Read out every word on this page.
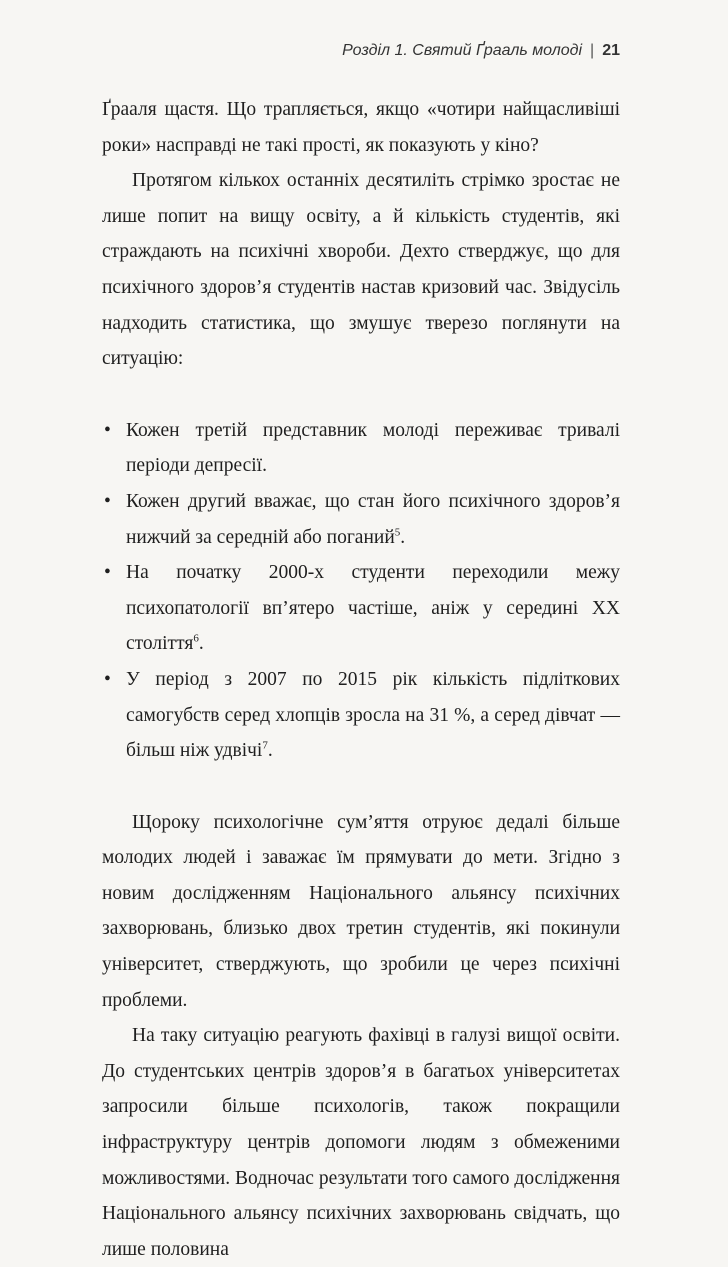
Розділ 1. Святий Ґрааль молоді | 21

Ґрааля щастя. Що трапляється, якщо «чотири найщасливіші роки» насправді не такі прості, як показують у кіно?

Протягом кількох останніх десятиліть стрімко зростає не лише попит на вищу освіту, а й кількість студентів, які страждають на психічні хвороби. Дехто стверджує, що для психічного здоров’я студентів настав кризовий час. Звідусіль надходить статистика, що змушує тверезо поглянути на ситуацію:

• Кожен третій представник молоді переживає тривалі періоди депресії.
• Кожен другий вважає, що стан його психічного здоров’я нижчий за середній або поганий$^5$.
• На початку 2000-х студенти переходили межу психопатології вп’ятеро частіше, аніж у середині XX століття$^6$.
• У період з 2007 по 2015 рік кількість підліткових самогубств серед хлопців зросла на 31 %, а серед дівчат — більш ніж удвічі$^7$.

Щороку психологічне сум’яття отруює дедалі більше молодих людей і заважає їм прямувати до мети. Згідно з новим дослідженням Національного альянсу психічних захворювань, близько двох третин студентів, які покинули університет, стверджують, що зробили це через психічні проблеми.

На таку ситуацію реагують фахівці в галузі вищої освіти. До студентських центрів здоров’я в багатьох університетах запросили більше психологів, також покращили інфраструктуру центрів допомоги людям з обмеженими можливостями. Водночас результати того самого дослідження Національного альянсу психічних захворювань свідчать, що лише половина
